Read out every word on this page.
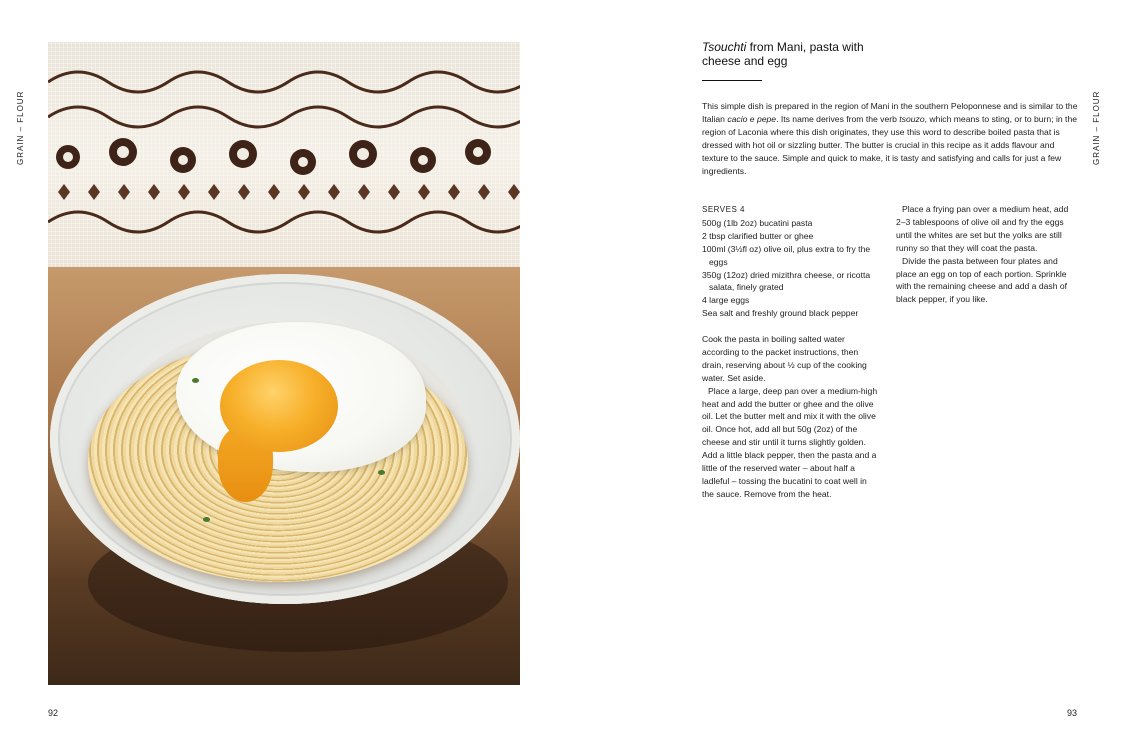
GRAIN – FLOUR
92
Tsouchti from Mani, pasta with cheese and egg
This simple dish is prepared in the region of Mani in the southern Peloponnese and is similar to the Italian cacio e pepe. Its name derives from the verb tsouzo, which means to sting, or to burn; in the region of Laconia where this dish originates, they use this word to describe boiled pasta that is dressed with hot oil or sizzling butter. The butter is crucial in this recipe as it adds flavour and texture to the sauce. Simple and quick to make, it is tasty and satisfying and calls for just a few ingredients.
SERVES 4
500g (1lb 2oz) bucatini pasta
2 tbsp clarified butter or ghee
100ml (3½fl oz) olive oil, plus extra to fry the eggs
350g (12oz) dried mizithra cheese, or ricotta salata, finely grated
4 large eggs
Sea salt and freshly ground black pepper
Cook the pasta in boiling salted water according to the packet instructions, then drain, reserving about ½ cup of the cooking water. Set aside.
Place a large, deep pan over a medium-high heat and add the butter or ghee and the olive oil. Let the butter melt and mix it with the olive oil. Once hot, add all but 50g (2oz) of the cheese and stir until it turns slightly golden. Add a little black pepper, then the pasta and a little of the reserved water – about half a ladleful – tossing the bucatini to coat well in the sauce. Remove from the heat.
Place a frying pan over a medium heat, add 2–3 tablespoons of olive oil and fry the eggs until the whites are set but the yolks are still runny so that they will coat the pasta.
Divide the pasta between four plates and place an egg on top of each portion. Sprinkle with the remaining cheese and add a dash of black pepper, if you like.
GRAIN – FLOUR
93
